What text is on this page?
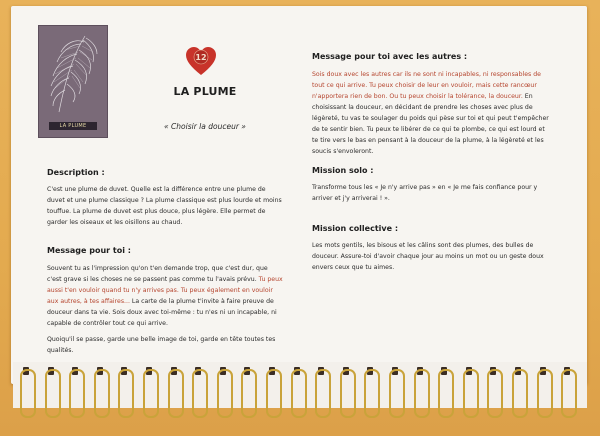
LA PLUME
12
LA PLUME
« Choisir la douceur »
Description :
C'est une plume de duvet. Quelle est la différence entre une plume de
duvet et une plume classique ? La plume classique est plus lourde et moins
touffue. La plume de duvet est plus douce, plus légère. Elle permet de
garder les oiseaux et les oisillons au chaud.
Message pour toi :
Souvent tu as l'impression qu'on t'en demande trop, que c'est dur, que
c'est grave si les choses ne se passent pas comme tu l'avais prévu. Tu peux
aussi t'en vouloir quand tu n'y arrives pas. Tu peux également en vouloir
aux autres, à tes affaires... La carte de la plume t'invite à faire preuve de
douceur dans ta vie. Sois doux avec toi-même : tu n'es ni un incapable, ni
capable de contrôler tout ce qui arrive.
Quoiqu'il se passe, garde une belle image de toi, garde en tête toutes tes
qualités.
Message pour toi avec les autres :
Sois doux avec les autres car ils ne sont ni incapables, ni responsables de
tout ce qui arrive. Tu peux choisir de leur en vouloir, mais cette rancœur
n'apportera rien de bon. Ou tu peux choisir la tolérance, la douceur. En
choisissant la douceur, en décidant de prendre les choses avec plus de
légèreté, tu vas te soulager du poids qui pèse sur toi et qui peut t'empêcher
de te sentir bien. Tu peux te libérer de ce qui te plombe, ce qui est lourd et
te tire vers le bas en pensant à la douceur de la plume, à la légèreté et les
soucis s'envoleront.
Mission solo :
Transforme tous les « Je n'y arrive pas » en « Je me fais confiance pour y
arriver et j'y arriverai ! ».
Mission collective :
Les mots gentils, les bisous et les câlins sont des plumes, des bulles de
douceur. Assure-toi d'avoir chaque jour au moins un mot ou un geste doux
envers ceux que tu aimes.
